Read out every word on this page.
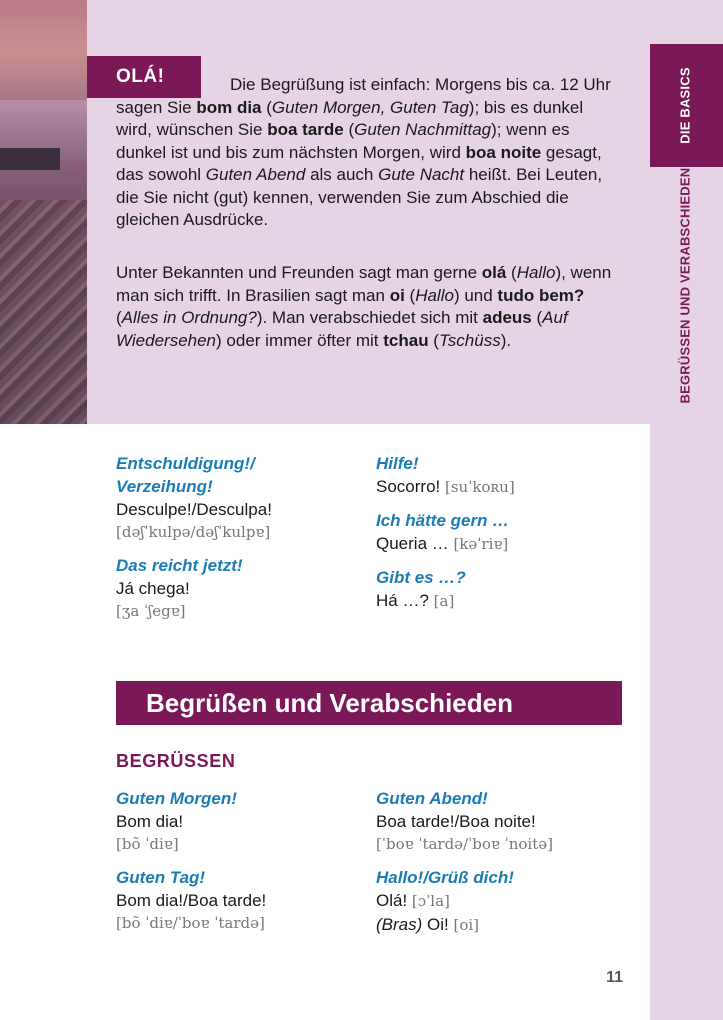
OLÁ!	Die Begrüßung ist einfach: Morgens bis ca. 12 Uhr sagen Sie bom dia (Guten Morgen, Guten Tag); bis es dunkel wird, wünschen Sie boa tarde (Guten Nachmittag); wenn es dunkel ist und bis zum nächsten Morgen, wird boa noite gesagt, das sowohl Guten Abend als auch Gute Nacht heißt. Bei Leuten, die Sie nicht (gut) kennen, verwenden Sie zum Abschied die gleichen Ausdrücke.
Unter Bekannten und Freunden sagt man gerne olá (Hallo), wenn man sich trifft. In Brasilien sagt man oi (Hallo) und tudo bem? (Alles in Ordnung?). Man verabschiedet sich mit adeus (Auf Wiedersehen) oder immer öfter mit tchau (Tschüss).
DIE BASICS
BEGRÜSSEN UND VERABSCHIEDEN
Entschuldigung!/ Verzeihung!
Desculpe!/Desculpa!
[dəʃˈkulpə/dəʃˈkulpɐ]
Das reicht jetzt!
Já chega!
[ʒa ˈʃegɐ]
Hilfe!
Socorro! [suˈkoʀu]
Ich hätte gern …
Queria … [kəˈriɐ]
Gibt es …?
Há …? [a]
Begrüßen und Verabschieden
BEGRÜSSEN
Guten Morgen!
Bom dia!
[bõ ˈdiɐ]
Guten Tag!
Bom dia!/Boa tarde!
[bõ ˈdiɐ/ˈboɐ ˈtardə]
Guten Abend!
Boa tarde!/Boa noite!
[ˈboɐ ˈtardə/ˈboɐ ˈnoitə]
Hallo!/Grüß dich!
Olá! [ɔˈla]
(Bras) Oi! [oi]
11
